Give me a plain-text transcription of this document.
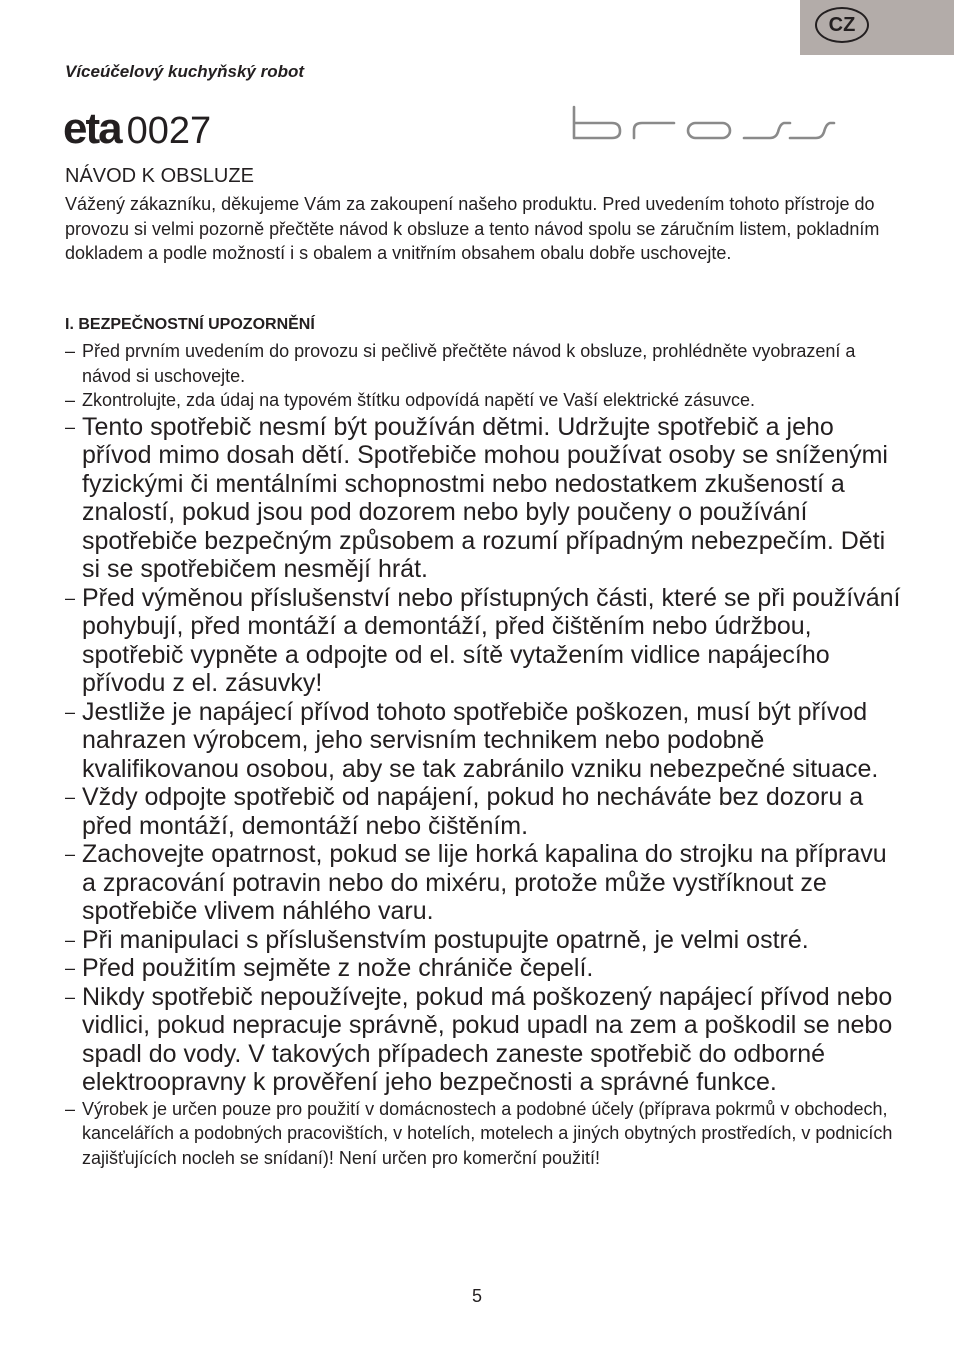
CZ
Víceúčelový kuchyňský robot
eta 0027
NÁVOD K OBSLUZE
Vážený zákazníku, děkujeme Vám za zakoupení našeho produktu. Pred uvedením tohoto přístroje do provozu si velmi pozorně přečtěte návod k obsluze a tento návod spolu se záručním listem, pokladním dokladem a podle možností i s obalem a vnitřním obsahem obalu dobře uschovejte.
I. BEZPEČNOSTNÍ UPOZORNĚNÍ
– Před prvním uvedením do provozu si pečlivě přečtěte návod k obsluze, prohlédněte vyobrazení a návod si uschovejte.
– Zkontrolujte, zda údaj na typovém štítku odpovídá napětí ve Vaší elektrické zásuvce.
– Tento spotřebič nesmí být používán dětmi. Udržujte spotřebič a jeho přívod mimo dosah dětí. Spotřebiče mohou používat osoby se sníženými fyzickými či mentálními schopnostmi nebo nedostatkem zkušeností a znalostí, pokud jsou pod dozorem nebo byly poučeny o používání spotřebiče bezpečným způsobem a rozumí případným nebezpečím. Děti si se spotřebičem nesmějí hrát.
– Před výměnou příslušenství nebo přístupných části, které se při používání pohybují, před montáží a demontáží, před čištěním nebo údržbou, spotřebič vypněte a odpojte od el. sítě vytažením vidlice napájecího přívodu z el. zásuvky!
– Jestliže je napájecí přívod tohoto spotřebiče poškozen, musí být přívod nahrazen výrobcem, jeho servisním technikem nebo podobně kvalifikovanou osobou, aby se tak zabránilo vzniku nebezpečné situace.
– Vždy odpojte spotřebič od napájení, pokud ho necháváte bez dozoru a před montáží, demontáží nebo čištěním.
– Zachovejte opatrnost, pokud se lije horká kapalina do strojku na přípravu a zpracování potravin nebo do mixéru, protože může vystříknout ze spotřebiče vlivem náhlého varu.
– Při manipulaci s příslušenstvím postupujte opatrně, je velmi ostré.
– Před použitím sejměte z nože chrániče čepelí.
– Nikdy spotřebič nepoužívejte, pokud má poškozený napájecí přívod nebo vidlici, pokud nepracuje správně, pokud upadl na zem a poškodil se nebo spadl do vody. V takových případech zaneste spotřebič do odborné elektroopravny k prověření jeho bezpečnosti a správné funkce.
– Výrobek je určen pouze pro použití v domácnostech a podobné účely (příprava pokrmů v obchodech, kancelářích a podobných pracovištích, v hotelích, motelech a jiných obytných prostředích, v podnicích zajišťujících nocleh se snídaní)! Není určen pro komerční použití!
5
